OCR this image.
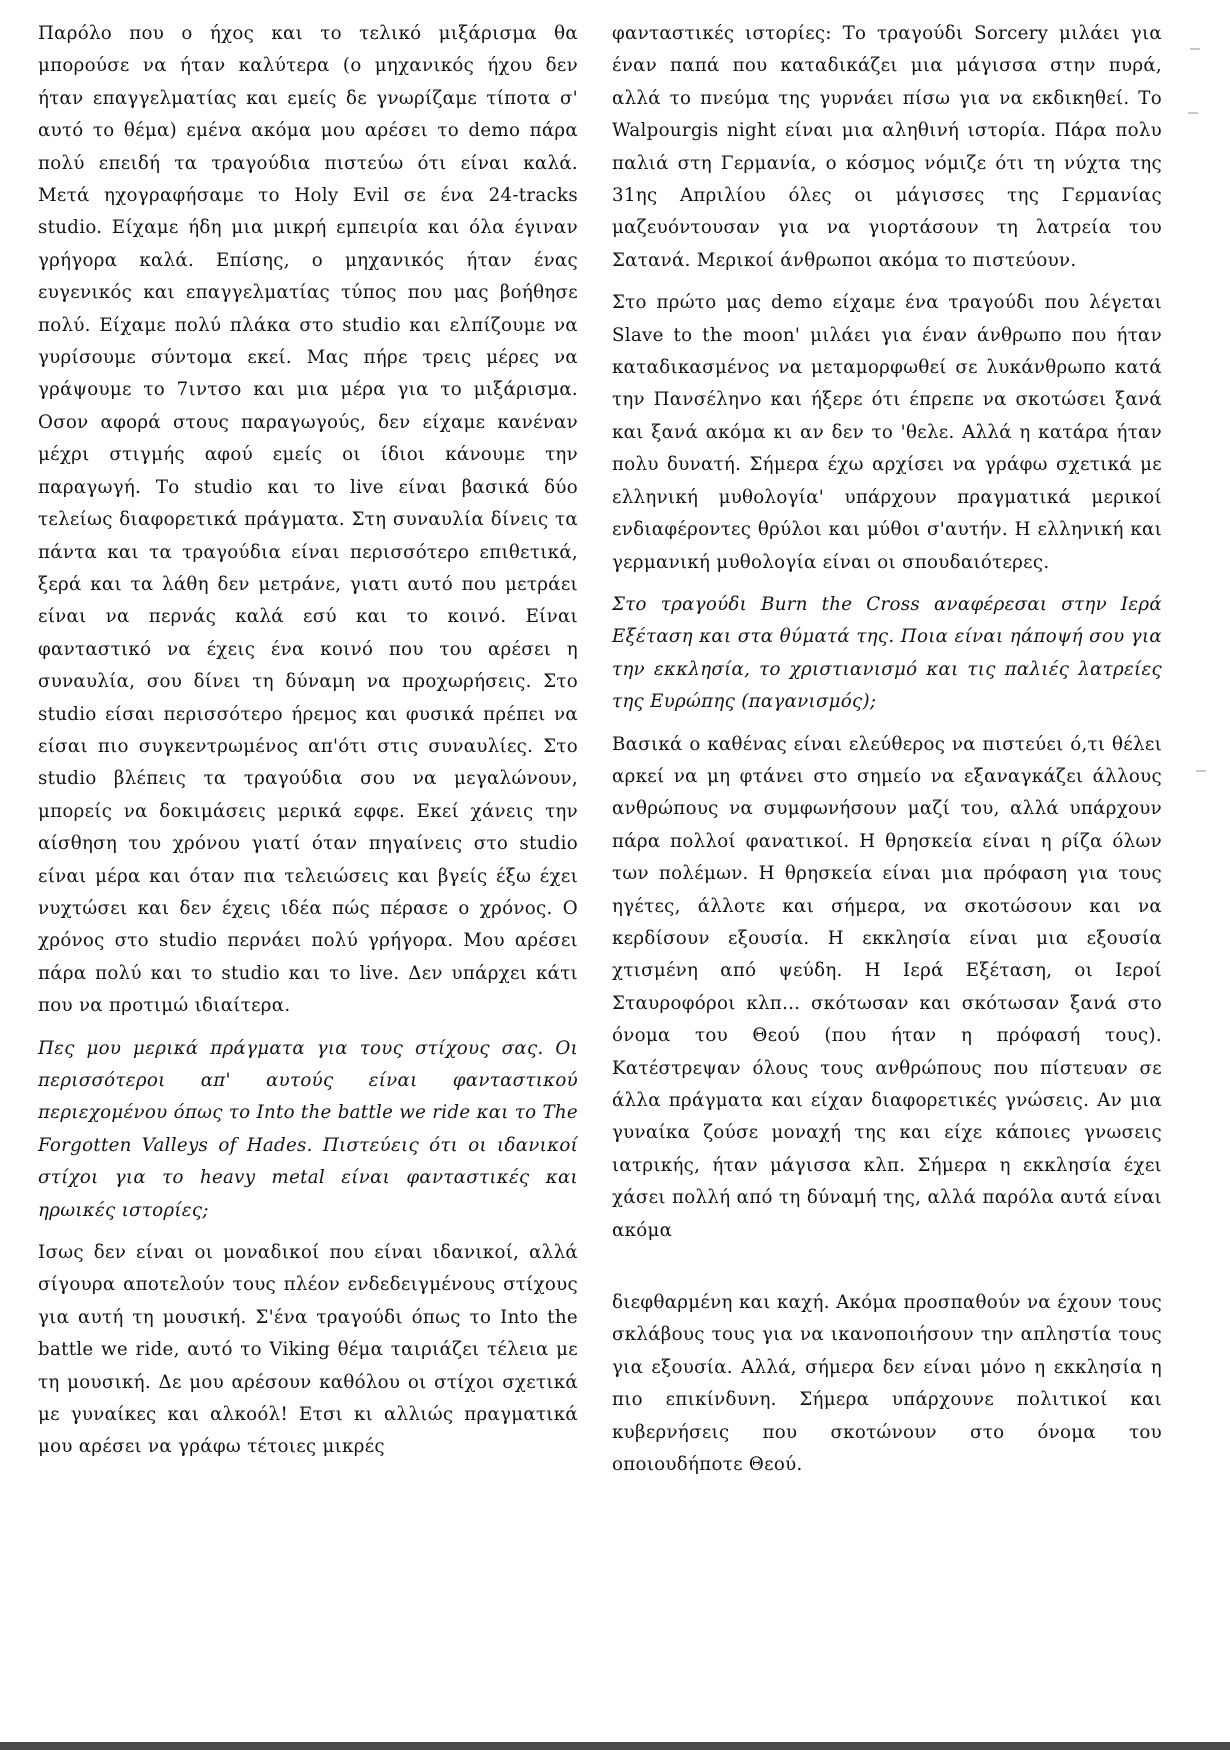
Παρόλο που ο ήχος και το τελικό μιξάρισμα θα μπορούσε να ήταν καλύτερα (ο μηχανικός ήχου δεν ήταν επαγγελματίας και εμείς δε γνωρίζαμε τίποτα σ' αυτό το θέμα) εμένα ακόμα μου αρέσει το demo πάρα πολύ επειδή τα τραγούδια πιστεύω ότι είναι καλά. Μετά ηχογραφήσαμε το Holy Evil σε ένα 24-tracks studio. Είχαμε ήδη μια μικρή εμπειρία και όλα έγιναν γρήγορα καλά. Επίσης, ο μηχανικός ήταν ένας ευγενικός και επαγγελματίας τύπος που μας βοήθησε πολύ. Είχαμε πολύ πλάκα στο studio και ελπίζουμε να γυρίσουμε σύντομα εκεί. Μας πήρε τρεις μέρες να γράψουμε το 7ιντσο και μια μέρα για το μιξάρισμα. Οσον αφορά στους παραγωγούς, δεν είχαμε κανέναν μέχρι στιγμής αφού εμείς οι ίδιοι κάνουμε την παραγωγή. Το studio και το live είναι βασικά δύο τελείως διαφορετικά πράγματα. Στη συναυλία δίνεις τα πάντα και τα τραγούδια είναι περισσότερο επιθετικά, ξερά και τα λάθη δεν μετράνε, γιατι αυτό που μετράει είναι να περνάς καλά εσύ και το κοινό. Είναι φανταστικό να έχεις ένα κοινό που του αρέσει η συναυλία, σου δίνει τη δύναμη να προχωρήσεις. Στο studio είσαι περισσότερο ήρεμος και φυσικά πρέπει να είσαι πιο συγκεντρωμένος απ'ότι στις συναυλίες. Στο studio βλέπεις τα τραγούδια σου να μεγαλώνουν, μπορείς να δοκιμάσεις μερικά εφφε. Εκεί χάνεις την αίσθηση του χρόνου γιατί όταν πηγαίνεις στο studio είναι μέρα και όταν πια τελειώσεις και βγείς έξω έχει νυχτώσει και δεν έχεις ιδέα πώς πέρασε ο χρόνος. Ο χρόνος στο studio περνάει πολύ γρήγορα. Μου αρέσει πάρα πολύ και το studio και το live. Δεν υπάρχει κάτι που να προτιμώ ιδιαίτερα.

Πες μου μερικά πράγματα για τους στίχους σας. Οι περισσότεροι απ' αυτούς είναι φανταστικού περιεχομένου όπως το Into the battle we ride και το The Forgotten Valleys of Hades. Πιστεύεις ότι οι ιδανικοί στίχοι για το heavy metal είναι φανταστικές και ηρωικές ιστορίες;

Ισως δεν είναι οι μοναδικοί που είναι ιδανικοί, αλλά σίγουρα αποτελούν τους πλέον ενδεδειγμένους στίχους για αυτή τη μουσική. Σ'ένα τραγούδι όπως το Into the battle we ride, αυτό το Viking θέμα ταιριάζει τέλεια με τη μουσική. Δε μου αρέσουν καθόλου οι στίχοι σχετικά με γυναίκες και αλκοόλ! Ετσι κι αλλιώς πραγματικά μου αρέσει να γράφω τέτοιες μικρές

φανταστικές ιστορίες: Το τραγούδι Sorcery μιλάει για έναν παπά που καταδικάζει μια μάγισσα στην πυρά, αλλά το πνεύμα της γυρνάει πίσω για να εκδικηθεί. Το Walpourgis night είναι μια αληθινή ιστορία. Πάρα πολυ παλιά στη Γερμανία, ο κόσμος νόμιζε ότι τη νύχτα της 31ης Απριλίου όλες οι μάγισσες της Γερμανίας μαζευόντουσαν για να γιορτάσουν τη λατρεία του Σατανά. Μερικοί άνθρωποι ακόμα το πιστεύουν.

Στο πρώτο μας demo είχαμε ένα τραγούδι που λέγεται Slave to the moon' μιλάει για έναν άνθρωπο που ήταν καταδικασμένος να μεταμορφωθεί σε λυκάνθρωπο κατά την Πανσέληνο και ήξερε ότι έπρεπε να σκοτώσει ξανά και ξανά ακόμα κι αν δεν το 'θελε. Αλλά η κατάρα ήταν πολυ δυνατή. Σήμερα έχω αρχίσει να γράφω σχετικά με ελληνική μυθολογία' υπάρχουν πραγματικά μερικοί ενδιαφέροντες θρύλοι και μύθοι σ'αυτήν. Η ελληνική και γερμανική μυθολογία είναι οι σπουδαιότερες.

Στο τραγούδι Burn the Cross αναφέρεσαι στην Ιερά Εξέταση και στα θύματά της. Ποια είναι ηάποψή σου για την εκκλησία, το χριστιανισμό και τις παλιές λατρείες της Ευρώπης (παγανισμός);

Βασικά ο καθένας είναι ελεύθερος να πιστεύει ό,τι θέλει αρκεί να μη φτάνει στο σημείο να εξαναγκάζει άλλους ανθρώπους να συμφωνήσουν μαζί του, αλλά υπάρχουν πάρα πολλοί φανατικοί. Η θρησκεία είναι η ρίζα όλων των πολέμων. Η θρησκεία είναι μια πρόφαση για τους ηγέτες, άλλοτε και σήμερα, να σκοτώσουν και να κερδίσουν εξουσία. Η εκκλησία είναι μια εξουσία χτισμένη από ψεύδη. Η Ιερά Εξέταση, οι Ιεροί Σταυροφόροι κλπ... σκότωσαν και σκότωσαν ξανά στο όνομα του Θεού (που ήταν η πρόφασή τους). Κατέστρεψαν όλους τους ανθρώπους που πίστευαν σε άλλα πράγματα και είχαν διαφορετικές γνώσεις. Αν μια γυναίκα ζούσε μοναχή της και είχε κάποιες γνωσεις ιατρικής, ήταν μάγισσα κλπ. Σήμερα η εκκλησία έχει χάσει πολλή από τη δύναμή της, αλλά παρόλα αυτά είναι ακόμα

διεφθαρμένη και καχή. Ακόμα προσπαθούν να έχουν τους σκλάβους τους για να ικανοποιήσουν την απληστία τους για εξουσία. Αλλά, σήμερα δεν είναι μόνο η εκκλησία η πιο επικίνδυνη. Σήμερα υπάρχουνε πολιτικοί και κυβερνήσεις που σκοτώνουν στο όνομα του οποιουδήποτε Θεού.
